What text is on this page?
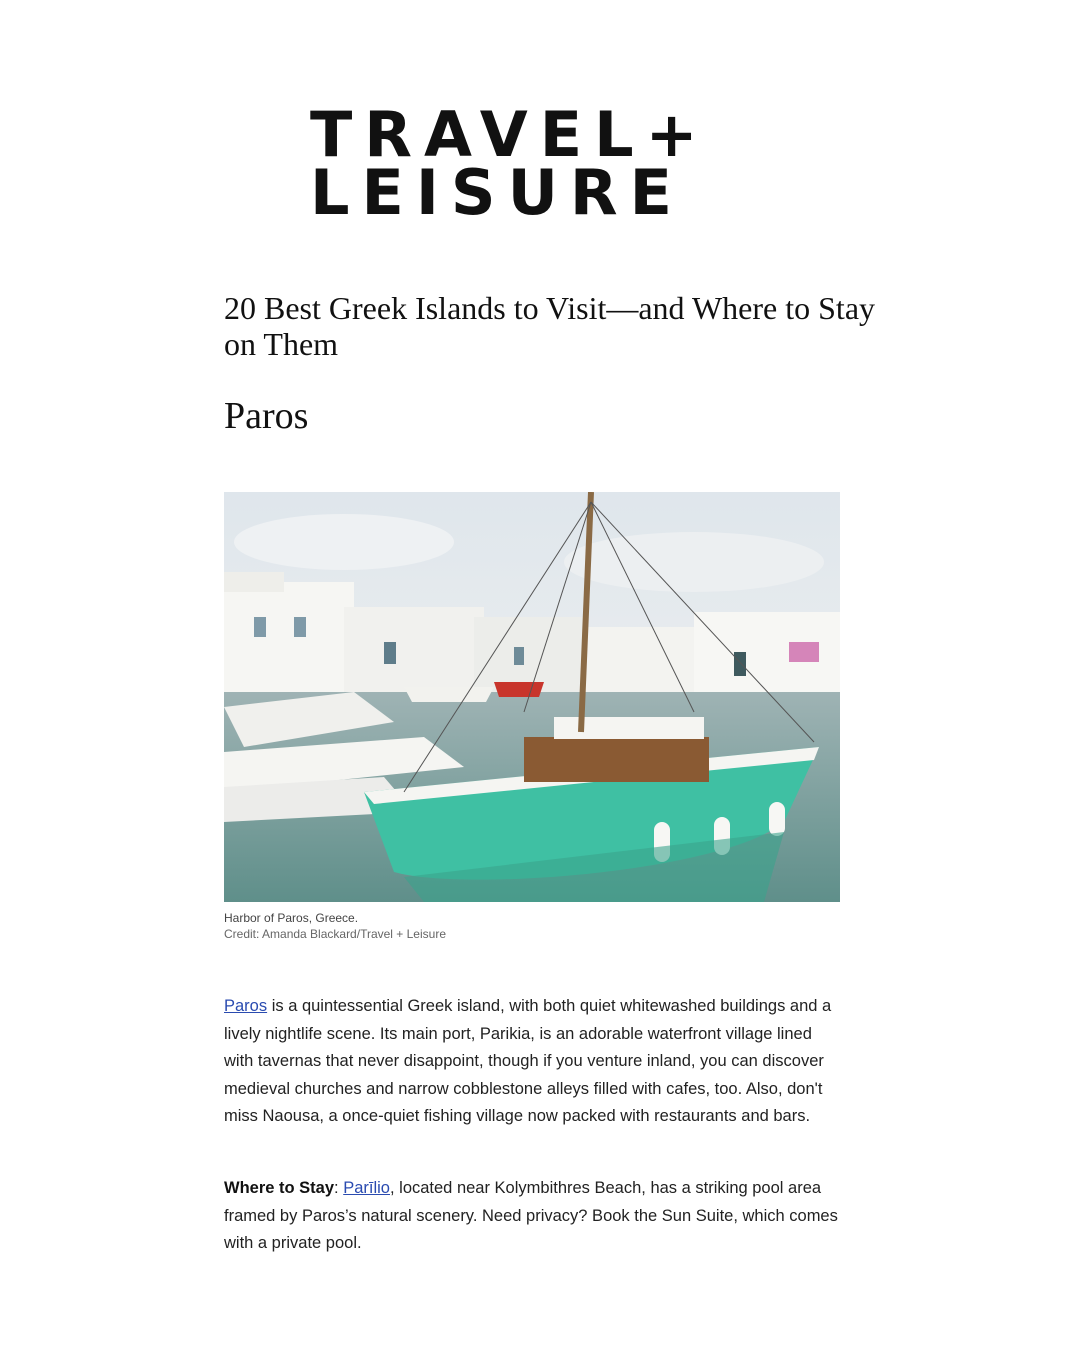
TRAVEL+
LEISURE
20 Best Greek Islands to Visit—and Where to Stay on Them
Paros
Harbor of Paros, Greece.
Credit: Amanda Blackard/Travel + Leisure

Paros is a quintessential Greek island, with both quiet whitewashed buildings and a lively nightlife scene. Its main port, Parikia, is an adorable waterfront village lined with tavernas that never disappoint, though if you venture inland, you can discover medieval churches and narrow cobblestone alleys filled with cafes, too. Also, don't miss Naousa, a once-quiet fishing village now packed with restaurants and bars.

Where to Stay: Parīlio, located near Kolymbithres Beach, has a striking pool area framed by Paros’s natural scenery. Need privacy? Book the Sun Suite, which comes with a private pool.
